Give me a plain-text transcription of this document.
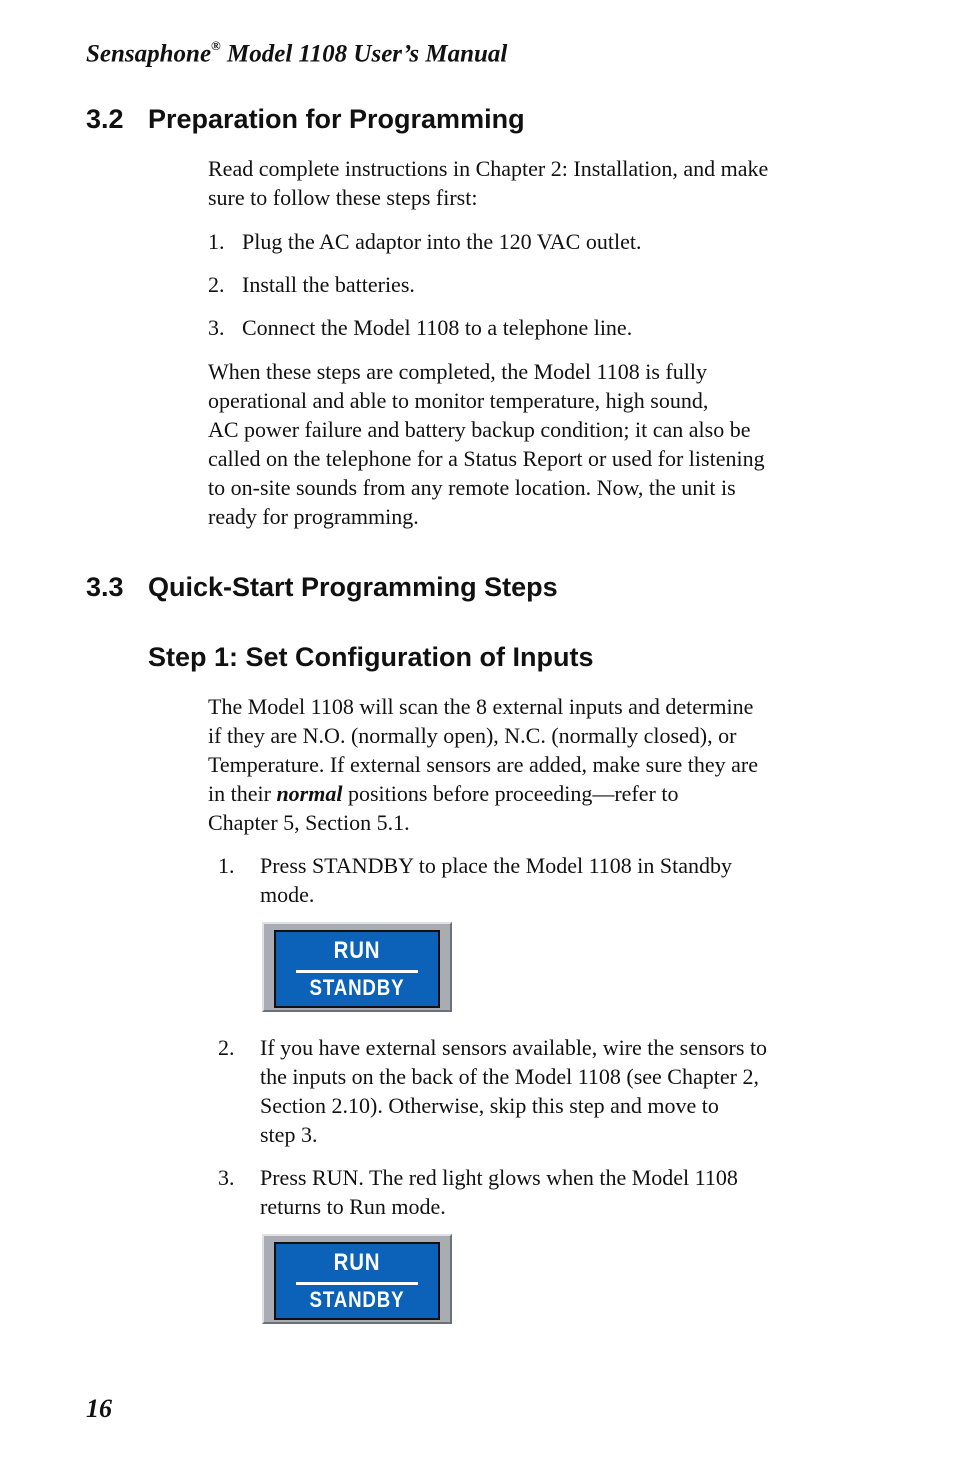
Sensaphone® Model 1108 User’s Manual
3.2 Preparation for Programming
Read complete instructions in Chapter 2: Installation, and make
sure to follow these steps first:
1. Plug the AC adaptor into the 120 VAC outlet.
2. Install the batteries.
3. Connect the Model 1108 to a telephone line.
When these steps are completed, the Model 1108 is fully
operational and able to monitor temperature, high sound,
AC power failure and battery backup condition; it can also be
called on the telephone for a Status Report or used for listening
to on-site sounds from any remote location. Now, the unit is
ready for programming.
3.3 Quick-Start Programming Steps
Step 1: Set Configuration of Inputs
The Model 1108 will scan the 8 external inputs and determine
if they are N.O. (normally open), N.C. (normally closed), or
Temperature. If external sensors are added, make sure they are
in their normal positions before proceeding—refer to
Chapter 5, Section 5.1.
1. Press STANDBY to place the Model 1108 in Standby
mode.
RUN
STANDBY
2. If you have external sensors available, wire the sensors to
the inputs on the back of the Model 1108 (see Chapter 2,
Section 2.10). Otherwise, skip this step and move to
step 3.
3. Press RUN. The red light glows when the Model 1108
returns to Run mode.
RUN
STANDBY
16
